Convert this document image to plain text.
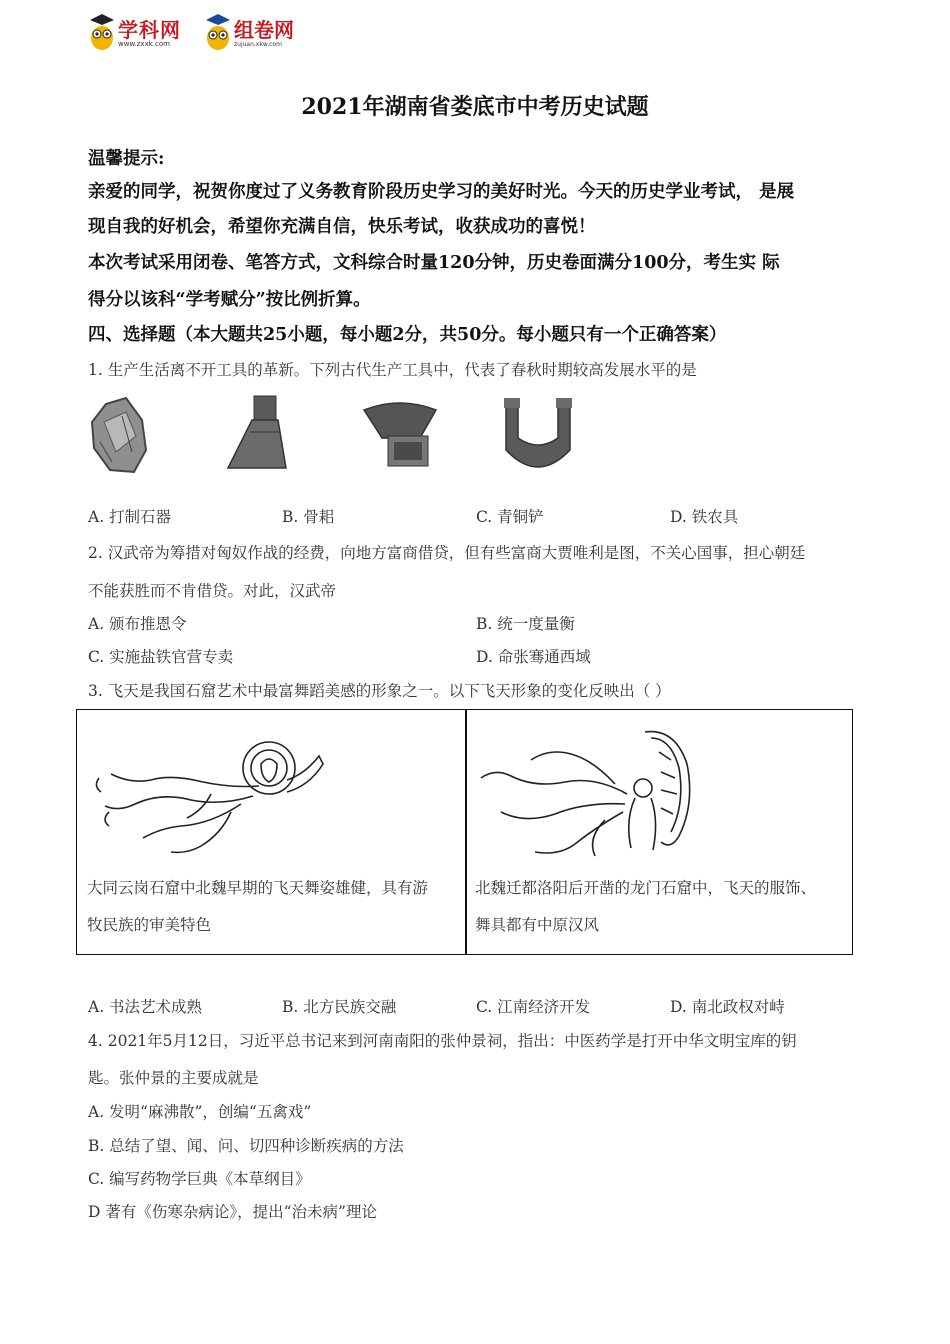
学科网
www.zxxk.com
组卷网
zujuan.xkw.com
2021年湖南省娄底市中考历史试题
温馨提示:
亲爱的同学，祝贺你度过了义务教育阶段历史学习的美好时光。今天的历史学业考试， 是展
现自我的好机会，希望你充满自信，快乐考试，收获成功的喜悦！
本次考试采用闭卷、笔答方式，文科综合时量120分钟，历史卷面满分100分，考生实 际
得分以该科“学考赋分”按比例折算。
四、选择题（本大题共25小题，每小题2分，共50分。每小题只有一个正确答案）
1. 生产生活离不开工具的革新。下列古代生产工具中，代表了春秋时期较高发展水平的是
A. 打制石器	B. 骨耜	C. 青铜铲	D. 铁农具
2. 汉武帝为筹措对匈奴作战的经费，向地方富商借贷，但有些富商大贾唯利是图，不关心国事，担心朝廷
不能获胜而不肯借贷。对此，汉武帝
A. 颁布推恩令	B. 统一度量衡
C. 实施盐铁官营专卖	D. 命张骞通西域
3. 飞天是我国石窟艺术中最富舞蹈美感的形象之一。以下飞天形象的变化反映出（ ）
大同云岗石窟中北魏早期的飞天舞姿雄健，具有游
牧民族的审美特色
北魏迁都洛阳后开凿的龙门石窟中，飞天的服饰、
舞具都有中原汉风
A. 书法艺术成熟	B. 北方民族交融	C. 江南经济开发	D. 南北政权对峙
4. 2021年5月12日，习近平总书记来到河南南阳的张仲景祠，指出：中医药学是打开中华文明宝库的钥
匙。张仲景的主要成就是
A. 发明“麻沸散”，创编“五禽戏”
B. 总结了望、闻、问、切四种诊断疾病的方法
C. 编写药物学巨典《本草纲目》
D 著有《伤寒杂病论》，提出“治未病”理论
